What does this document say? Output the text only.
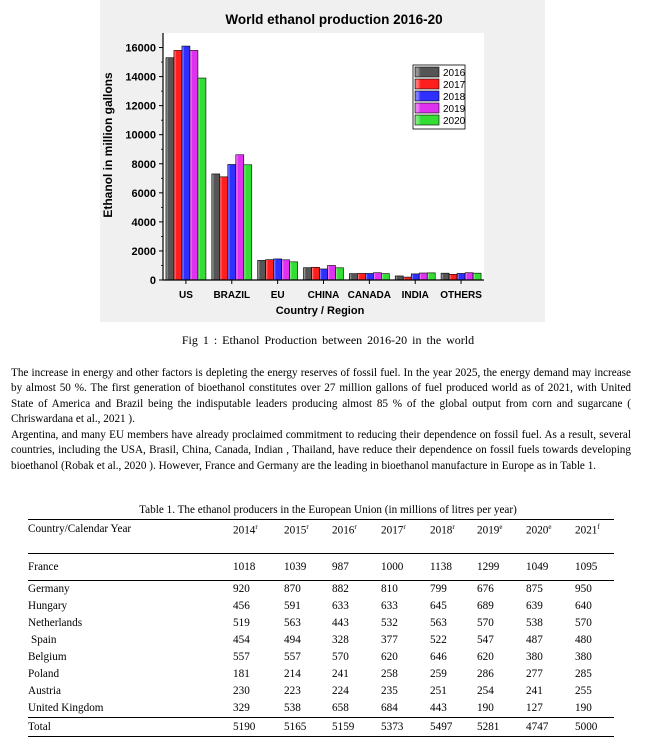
World ethanol production 2016-20
Ethanol in million gallons
Country / Region
0
2000
4000
6000
8000
10000
12000
14000
16000
US BRAZIL EU CHINA CANADA INDIA OTHERS
2016
2017
2018
2019
2020
Fig 1 : Ethanol Production between 2016-20 in the world

The increase in energy and other factors is depleting the energy reserves of fossil fuel. In the year 2025, the energy demand may increase by almost 50 %. The first generation of bioethanol constitutes over 27 million gallons of fuel produced world as of 2021, with United State of America and Brazil being the indisputable leaders producing almost 85 % of the global output from corn and sugarcane ( Chriswardana et al., 2021 ).

Argentina, and many EU members have already proclaimed commitment to reducing their dependence on fossil fuel. As a result, several countries, including the USA, Brasil, China, Canada, Indian , Thailand, have reduce their dependence on fossil fuels towards developing bioethanol (Robak et al., 2020 ). However, France and Germany are the leading in bioethanol manufacture in Europe as in Table 1.

Table 1. The ethanol producers in the European Union (in millions of litres per year)
Country/Calendar Year	2014$^r$	2015$^r$	2016$^r$	2017$^r$	2018$^r$	2019e	2020e	2021$^f$
France	1018	1039	987	1000	1138	1299	1049	1095

Germany	920	870	882	810	799	676	875	950
Hungary	456	591	633	633	645	689	639	640
Netherlands	519	563	443	532	563	570	538	570
Spain	454	494	328	377	522	547	487	480
Belgium	557	557	570	620	646	620	380	380
Poland	181	214	241	258	259	286	277	285
Austria	230	223	224	235	251	254	241	255
United Kingdom	329	538	658	684	443	190	127	190
Total	5190	5165	5159	5373	5497	5281	4747	5000
